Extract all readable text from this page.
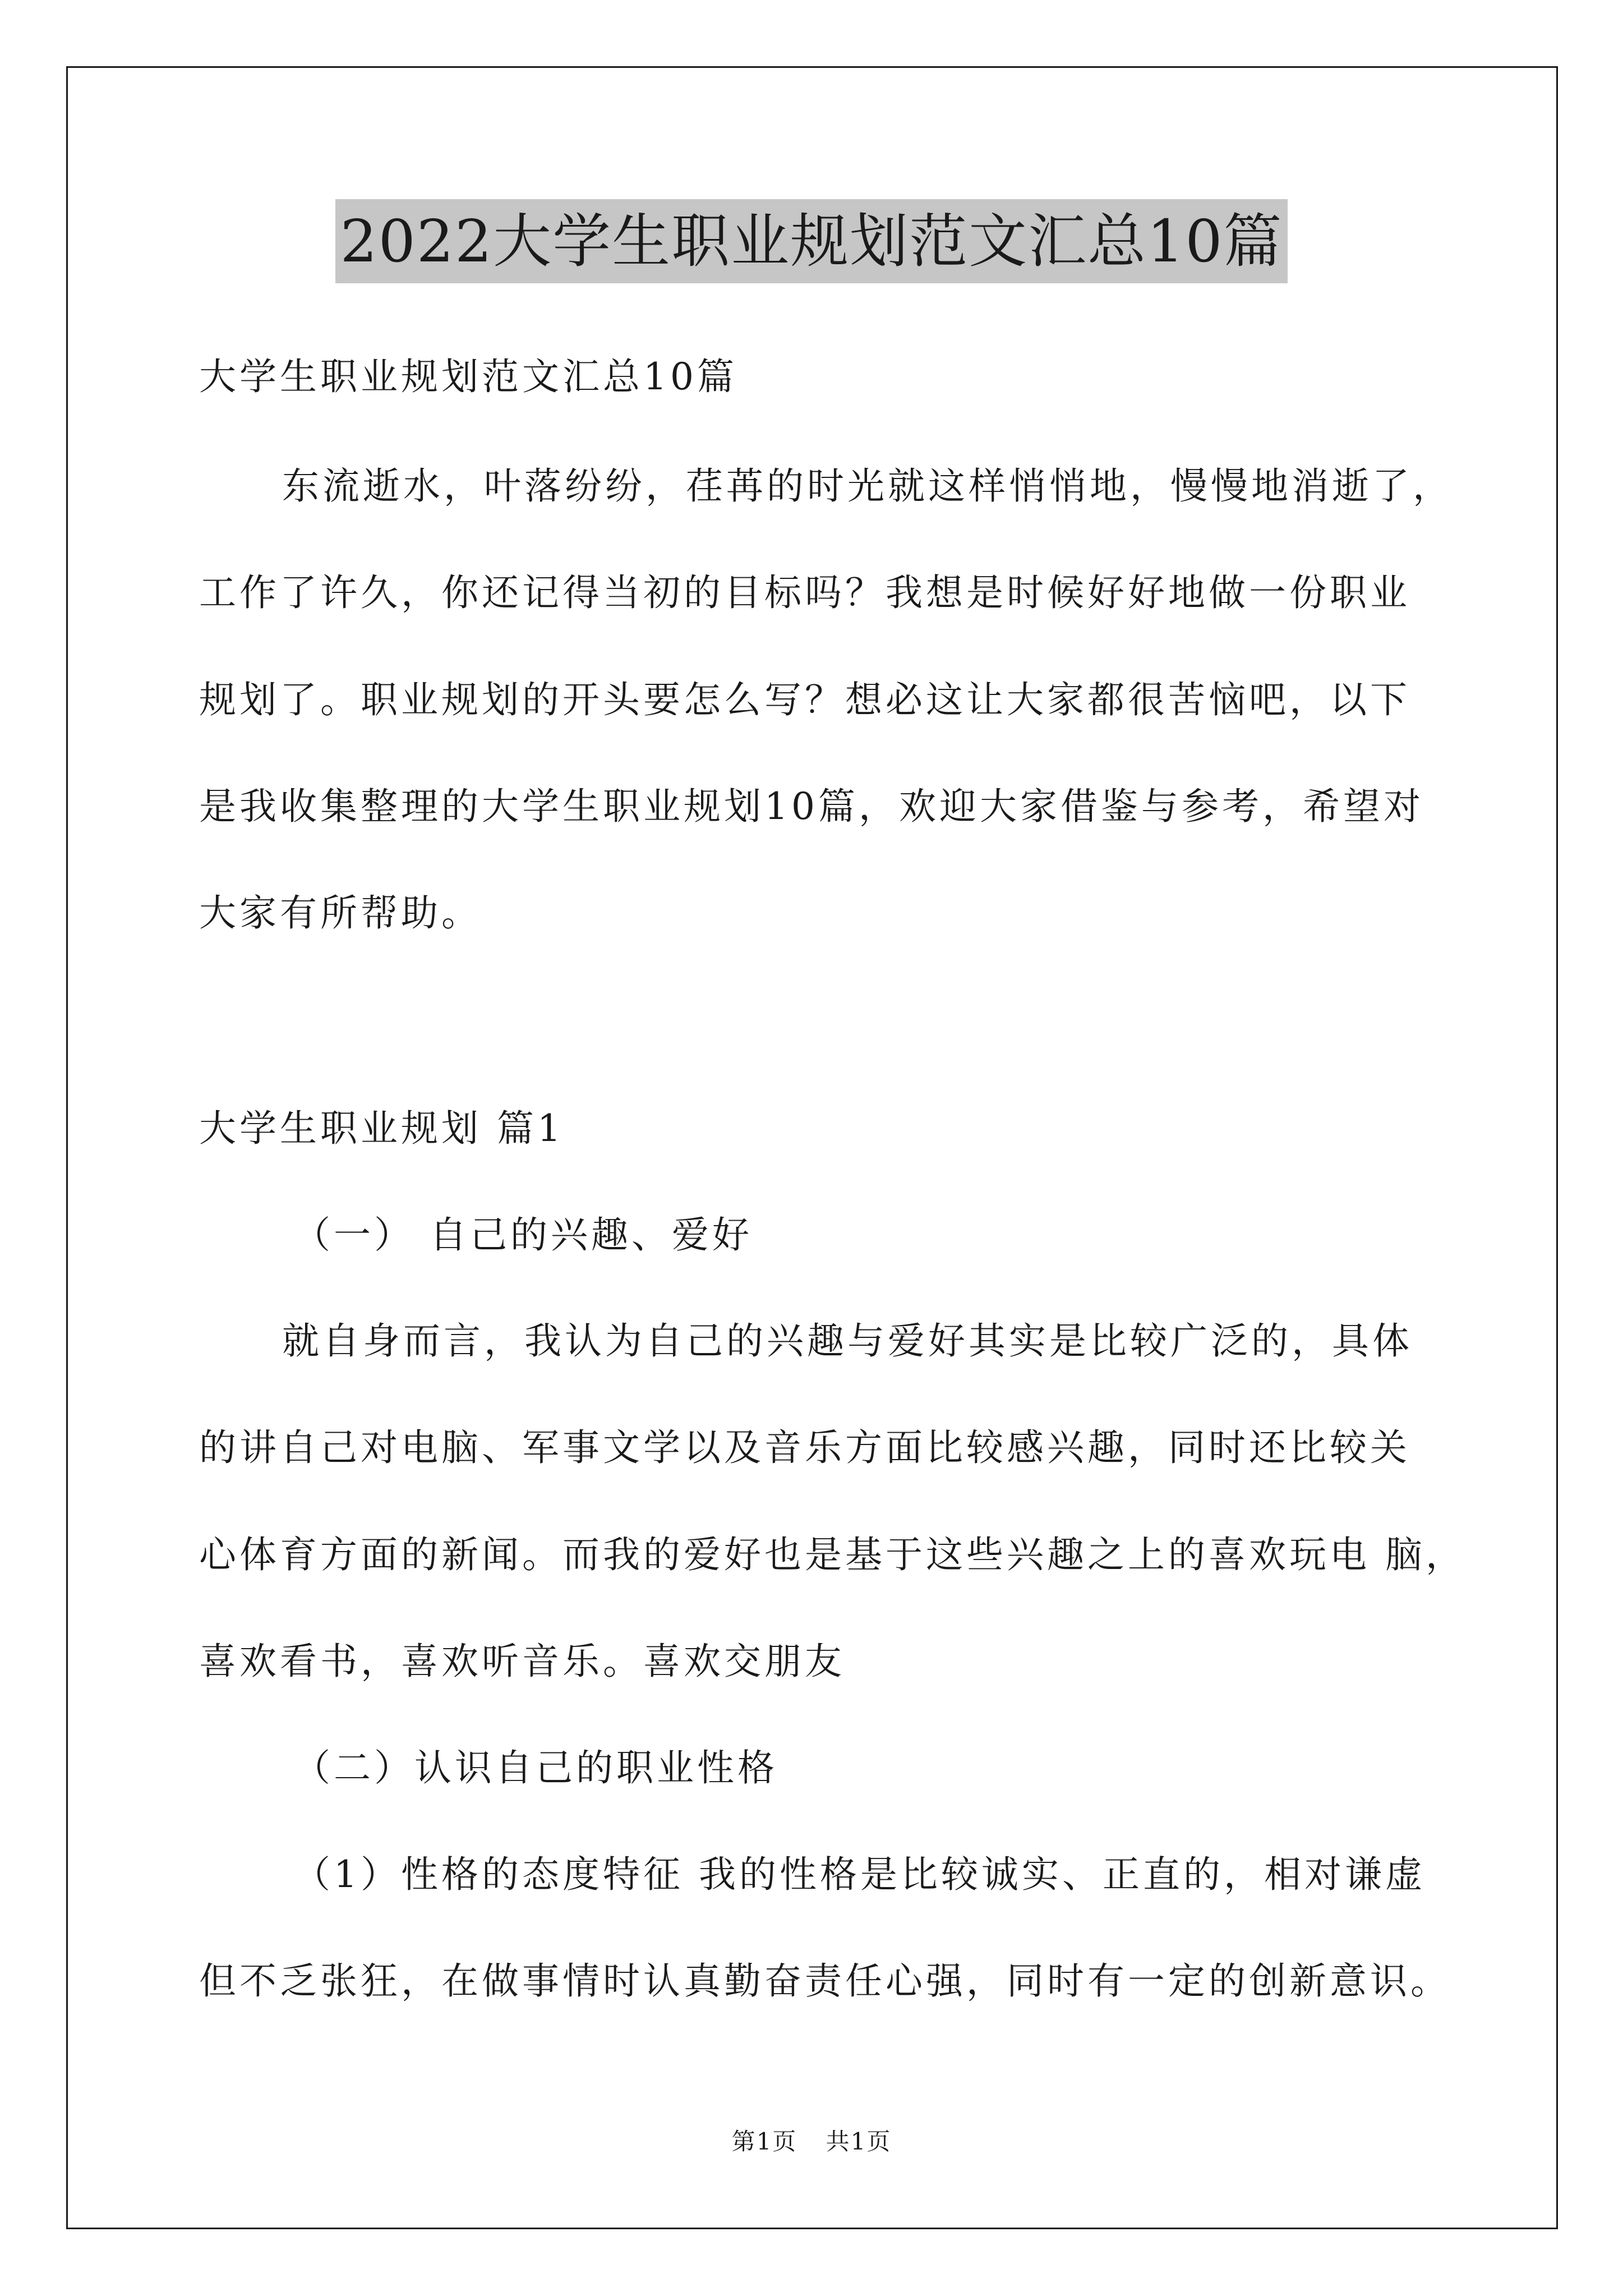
2022大学生职业规划范文汇总10篇
大学生职业规划范文汇总10篇
东流逝水，叶落纷纷，荏苒的时光就这样悄悄地，慢慢地消逝了，
工作了许久，你还记得当初的目标吗？我想是时候好好地做一份职业
规划了。职业规划的开头要怎么写？想必这让大家都很苦恼吧，以下
是我收集整理的大学生职业规划10篇，欢迎大家借鉴与参考，希望对
大家有所帮助。
大学生职业规划 篇1
（一） 自己的兴趣、爱好
就自身而言，我认为自己的兴趣与爱好其实是比较广泛的，具体
的讲自己对电脑、军事文学以及音乐方面比较感兴趣，同时还比较关
心体育方面的新闻。而我的爱好也是基于这些兴趣之上的喜欢玩电 脑，
喜欢看书，喜欢听音乐。喜欢交朋友
（二）认识自己的职业性格
（1）性格的态度特征 我的性格是比较诚实、正直的，相对谦虚
但不乏张狂，在做事情时认真勤奋责任心强，同时有一定的创新意识。
第1页 共1页
